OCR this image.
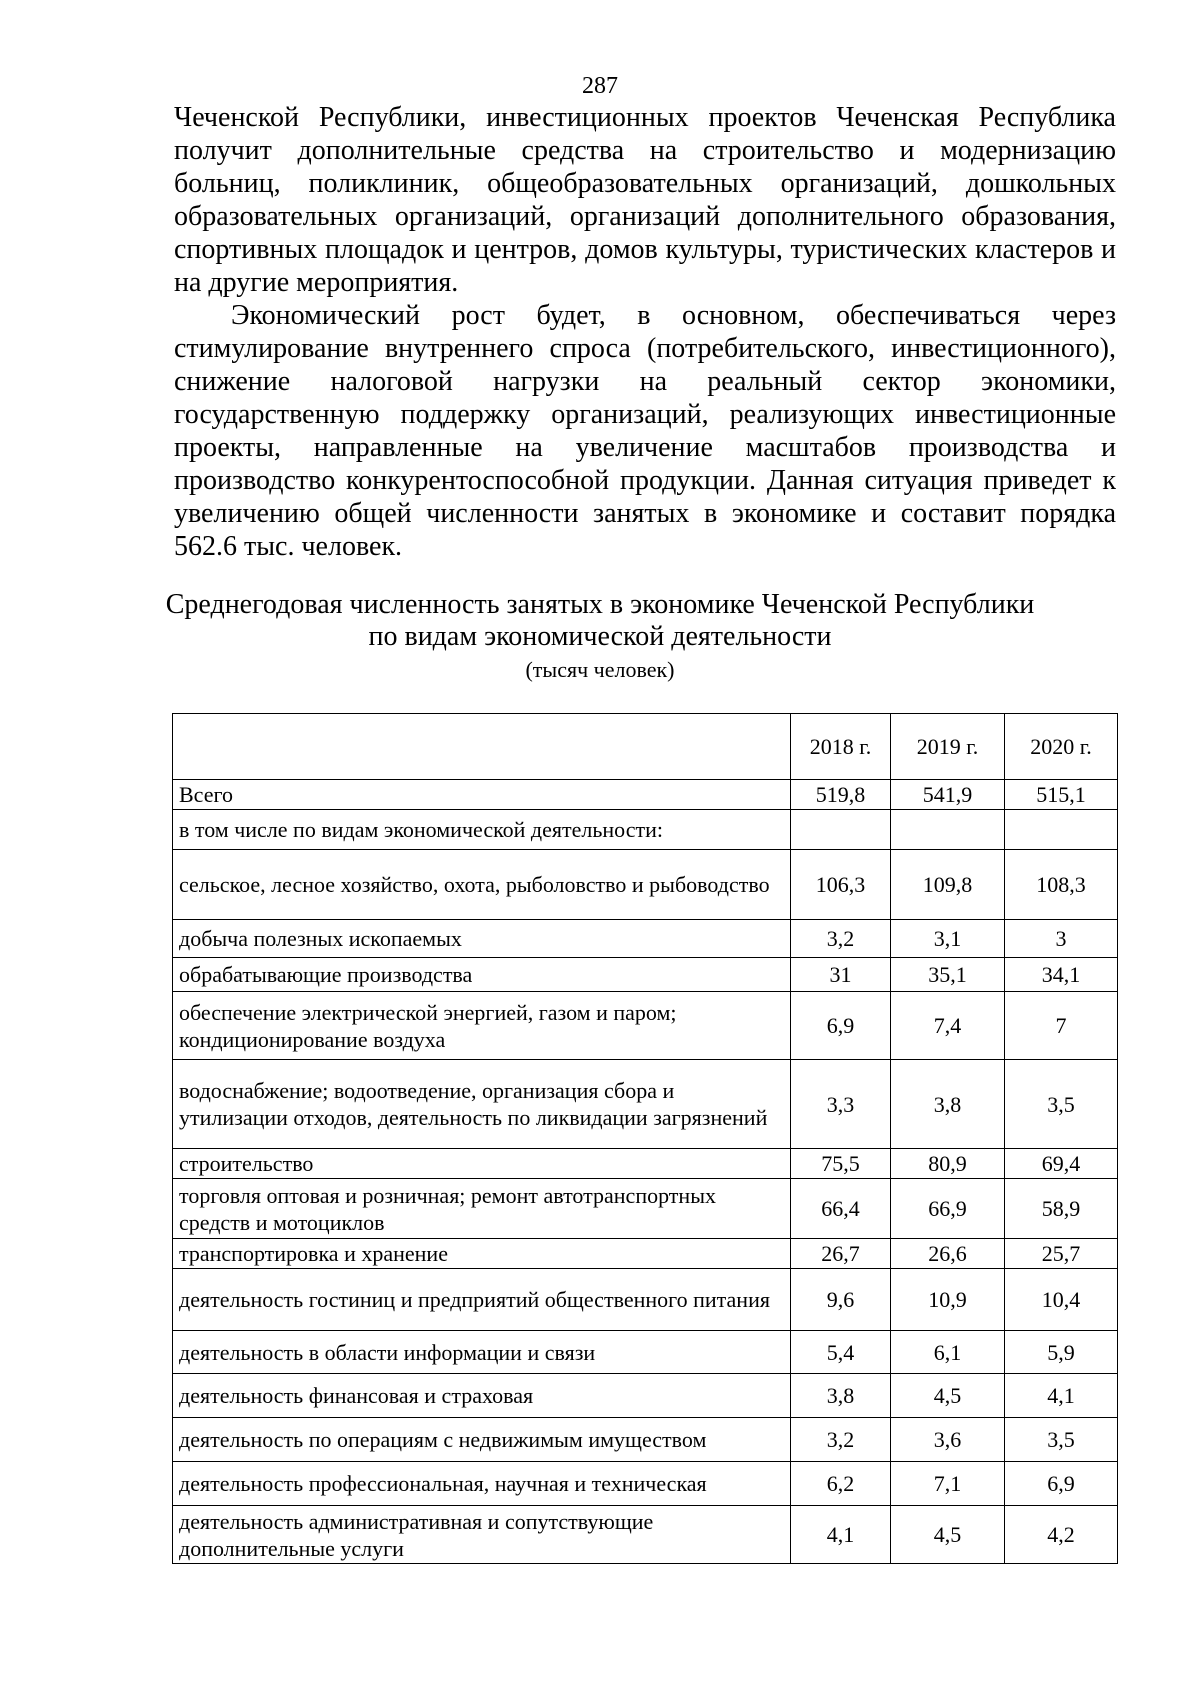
287

Чеченской Республики, инвестиционных проектов Чеченская Республика получит дополнительные средства на строительство и модернизацию больниц, поликлиник, общеобразовательных организаций, дошкольных образовательных организаций, организаций дополнительного образования, спортивных площадок и центров, домов культуры, туристических кластеров и на другие мероприятия.

Экономический рост будет, в основном, обеспечиваться через стимулирование внутреннего спроса (потребительского, инвестиционного), снижение налоговой нагрузки на реальный сектор экономики, государственную поддержку организаций, реализующих инвестиционные проекты, направленные на увеличение масштабов производства и производство конкурентоспособной продукции. Данная ситуация приведет к увеличению общей численности занятых в экономике и составит порядка 562.6 тыс. человек.

Среднегодовая численность занятых в экономике Чеченской Республики
по видам экономической деятельности
(тысяч человек)
	2018 г.	2019 г.	2020 г.
Всего	519,8	541,9	515,1
в том числе по видам экономической деятельности:			
сельское, лесное хозяйство, охота, рыболовство и рыбоводство	106,3	109,8	108,3
добыча полезных ископаемых	3,2	3,1	3
обрабатывающие производства	31	35,1	34,1
обеспечение электрической энергией, газом и паром; кондиционирование воздуха	6,9	7,4	7
водоснабжение; водоотведение, организация сбора и утилизации отходов, деятельность по ликвидации загрязнений	3,3	3,8	3,5
строительство	75,5	80,9	69,4
торговля оптовая и розничная; ремонт автотранспортных средств и мотоциклов	66,4	66,9	58,9
транспортировка и хранение	26,7	26,6	25,7
деятельность гостиниц и предприятий общественного питания	9,6	10,9	10,4
деятельность в области информации и связи	5,4	6,1	5,9
деятельность финансовая и страховая	3,8	4,5	4,1
деятельность по операциям с недвижимым имуществом	3,2	3,6	3,5
деятельность профессиональная, научная и техническая	6,2	7,1	6,9
деятельность административная и сопутствующие дополнительные услуги	4,1	4,5	4,2
